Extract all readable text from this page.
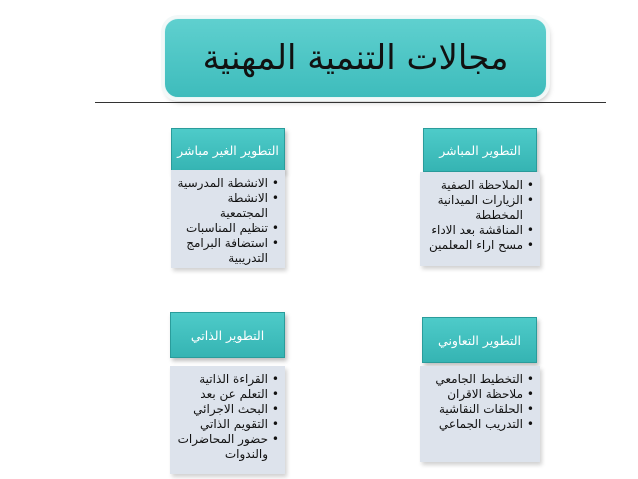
مجالات التنمية المهنية
التطوير الغير مباشر
• الانشطة المدرسية
• الانشطة المجتمعية
• تنظيم المناسبات
• استضافة البرامج التدريبية
التطوير المباشر
• الملاحظة الصفية
• الزيارات الميدانية المخططة
• المناقشة بعد الاداء
• مسح اراء المعلمين
التطوير الذاتي
• القراءة الذاتية
• التعلم عن بعد
• البحث الاجرائي
• التقويم الذاتي
• حضور المحاضرات والندوات
التطوير التعاوني
• التخطيط الجامعي
• ملاحظة الاقران
• الحلقات النقاشية
• التدريب الجماعي
